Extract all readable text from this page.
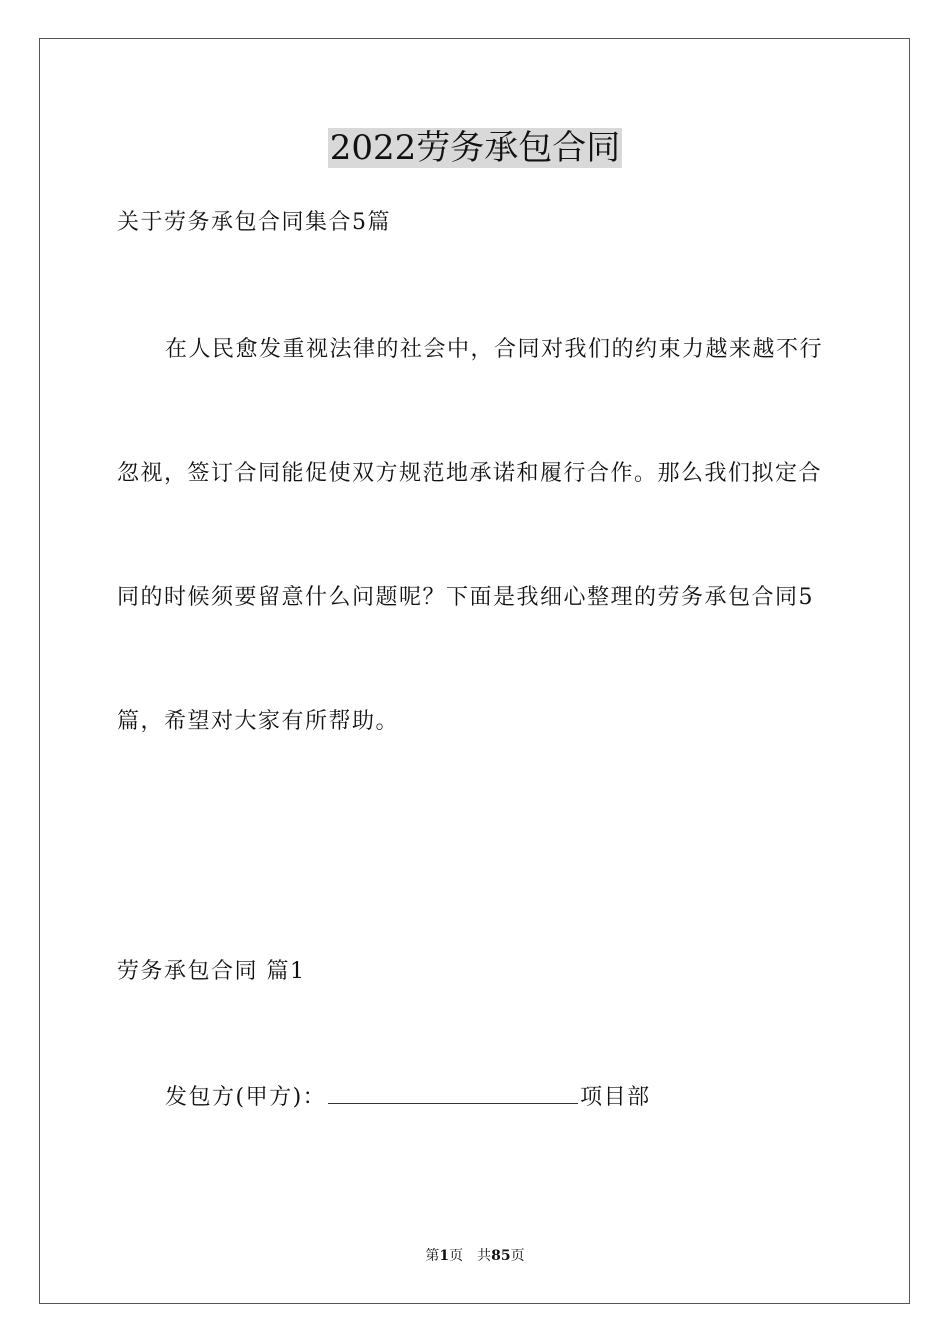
2022劳务承包合同
关于劳务承包合同集合5篇
在人民愈发重视法律的社会中，合同对我们的约束力越来越不行
忽视，签订合同能促使双方规范地承诺和履行合作。那么我们拟定合
同的时候须要留意什么问题呢？下面是我细心整理的劳务承包合同5
篇，希望对大家有所帮助。
劳务承包合同 篇1
发包方(甲方)：	项目部
第1页 共85页
